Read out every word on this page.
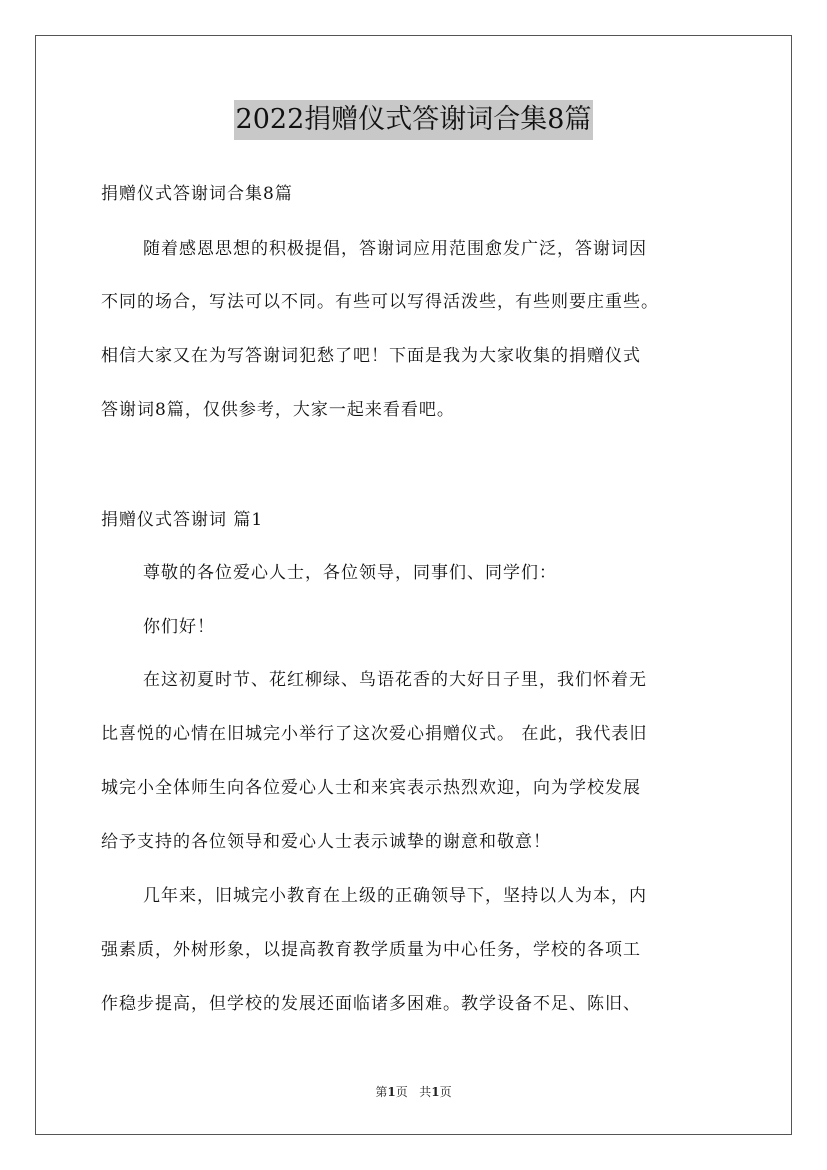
2022捐赠仪式答谢词合集8篇
捐赠仪式答谢词合集8篇
随着感恩思想的积极提倡，答谢词应用范围愈发广泛，答谢词因
不同的场合，写法可以不同。有些可以写得活泼些，有些则要庄重些。
相信大家又在为写答谢词犯愁了吧！下面是我为大家收集的捐赠仪式
答谢词8篇，仅供参考，大家一起来看看吧。
捐赠仪式答谢词 篇1
尊敬的各位爱心人士，各位领导，同事们、同学们：
你们好！
在这初夏时节、花红柳绿、鸟语花香的大好日子里，我们怀着无
比喜悦的心情在旧城完小举行了这次爱心捐赠仪式。 在此，我代表旧
城完小全体师生向各位爱心人士和来宾表示热烈欢迎，向为学校发展
给予支持的各位领导和爱心人士表示诚挚的谢意和敬意！
几年来，旧城完小教育在上级的正确领导下，坚持以人为本，内
强素质，外树形象，以提高教育教学质量为中心任务，学校的各项工
作稳步提高，但学校的发展还面临诸多困难。教学设备不足、陈旧、
第1页 共1页
